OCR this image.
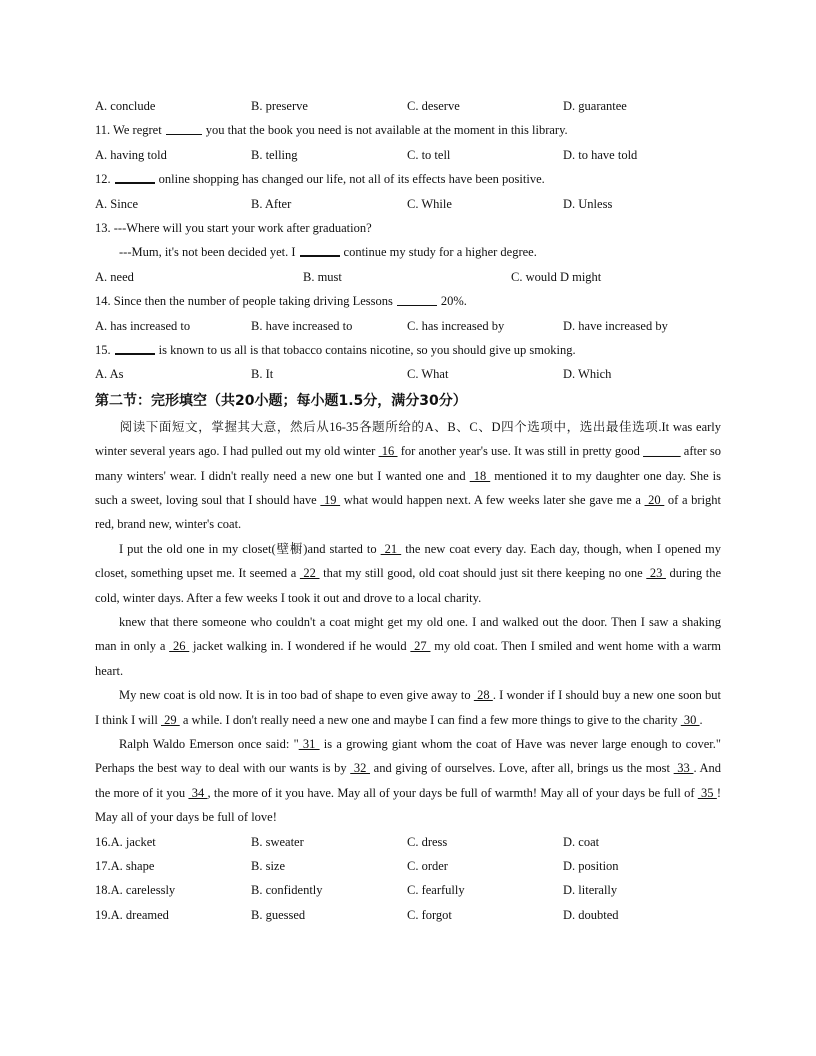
A. conclude	B. preserve	C. deserve	D. guarantee
11. We regret	you that the book you need is not available at the moment in this library.
A. having told	B. telling	C. to tell	D. to have told
12.	online shopping has changed our life, not all of its effects have been positive.
A. Since	B. After	C. While	D. Unless
13. ---Where will you start your work after graduation?
---Mum, it's not been decided yet. I	continue my study for a higher degree.
A. need	B. must	C. would D might
14. Since then the number of people taking driving Lessons	20%.
A. has increased to	B. have increased to	C. has increased by	D. have increased by
15.	is known to us all is that tobacco contains nicotine, so you should give up smoking.
A. As	B. It	C. What	D. Which
第二节：完形填空（共20小题；每小题1.5分，满分30分）

阅读下面短文，掌握其大意，然后从16-35各题所给的A、B、C、D四个选项中，选出最佳选项.It was early winter several years ago. I had pulled out my old winter  16  for another year's use. It was still in pretty good ______ after so many winters' wear. I didn't really need a new one but I wanted one and  18  mentioned it to my daughter one day. She is such a sweet, loving soul that I should have  19  what would happen next. A few weeks later she gave me a  20  of a bright red, brand new, winter's coat.

I put the old one in my closet(壁橱)and started to  21  the new coat every day. Each day, though, when I opened my closet, something upset me. It seemed a  22  that my still good, old coat should just sit there keeping no one  23  during the cold, winter days. After a few weeks I took it out and drove to a local charity.

knew that there someone who couldn't a coat might get my old one. I and walked out the door. Then I saw a shaking man in only a  26  jacket walking in. I wondered if he would  27  my old coat. Then I smiled and went home with a warm heart.

My new coat is old now. It is in too bad of shape to even give away to  28 . I wonder if I should buy a new one soon but I think I will  29  a while. I don't really need a new one and maybe I can find a few more things to give to the charity  30 .

Ralph Waldo Emerson once said: " 31  is a growing giant whom the coat of Have was never large enough to cover." Perhaps the best way to deal with our wants is by  32  and giving of ourselves. Love, after all, brings us the most  33 . And the more of it you  34 , the more of it you have. May all of your days be full of warmth! May all of your days be full of  35 ! May all of your days be full of love!

16.A. jacket	B. sweater	C. dress	D. coat
17.A. shape	B. size	C. order	D. position
18.A. carelessly	B. confidently	C. fearfully	D. literally
19.A. dreamed	B. guessed	C. forgot	D. doubted
